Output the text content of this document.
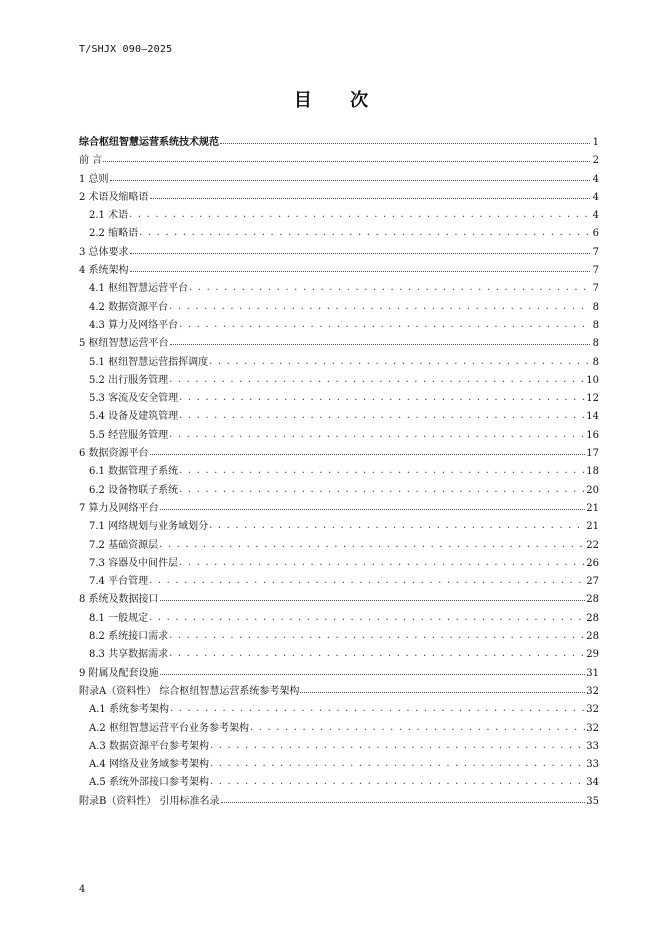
T/SHJX 090—2025
目 次
综合枢纽智慧运营系统技术规范	1
前 言	2
1 总则	4
2 术语及缩略语	4
2.1 术语 . . .	4
2.2 缩略语 . . .	6
3 总体要求	7
4 系统架构	7
4.1 枢纽智慧运营平台 . . .	7
4.2 数据资源平台 . . .	8
4.3 算力及网络平台 . . .	8
5 枢纽智慧运营平台	8
5.1 枢纽智慧运营指挥调度 . . .	8
5.2 出行服务管理 . . .	10
5.3 客流及安全管理 . . .	12
5.4 设备及建筑管理 . . .	14
5.5 经营服务管理 . . .	16
6 数据资源平台	17
6.1 数据管理子系统 . . .	18
6.2 设备物联子系统 . . .	20
7 算力及网络平台	21
7.1 网络规划与业务域划分 . . .	21
7.2 基础资源层 . . .	22
7.3 容器及中间件层 . . .	26
7.4 平台管理 . . .	27
8 系统及数据接口	28
8.1 一般规定 . . .	28
8.2 系统接口需求 . . .	28
8.3 共享数据需求 . . .	29
9 附属及配套设施	31
附录A（资料性） 综合枢纽智慧运营系统参考架构	32
A.1 系统参考架构 . . .	32
A.2 枢纽智慧运营平台业务参考架构 . . .	32
A.3 数据资源平台参考架构 . . .	33
A.4 网络及业务域参考架构 . . .	33
A.5 系统外部接口参考架构 . . .	34
附录B（资料性） 引用标准名录	35
4
